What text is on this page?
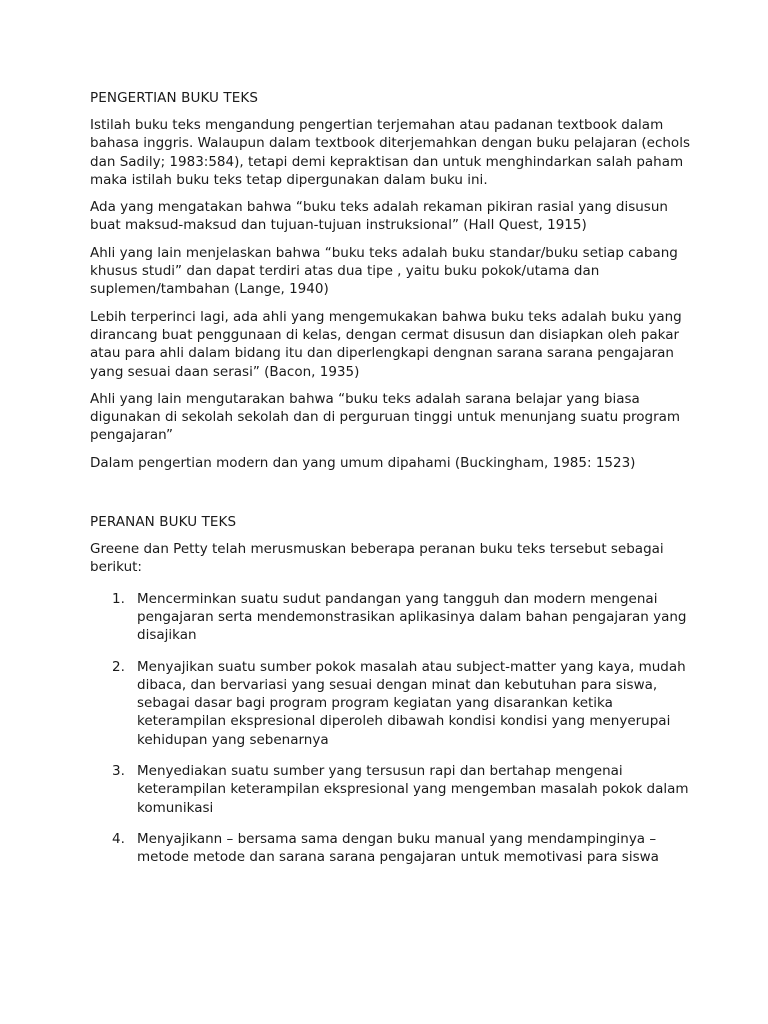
PENGERTIAN BUKU TEKS

Istilah buku teks mengandung pengertian terjemahan atau padanan textbook dalam bahasa inggris. Walaupun dalam textbook diterjemahkan dengan buku pelajaran (echols dan Sadily; 1983:584), tetapi demi kepraktisan dan untuk menghindarkan salah paham maka istilah buku teks tetap dipergunakan dalam buku ini.

Ada yang mengatakan bahwa “buku teks adalah rekaman pikiran rasial yang disusun buat maksud-maksud dan tujuan-tujuan instruksional” (Hall Quest, 1915)

Ahli yang lain menjelaskan bahwa “buku teks adalah buku standar/buku setiap cabang khusus studi” dan dapat terdiri atas dua tipe , yaitu buku pokok/utama dan suplemen/tambahan (Lange, 1940)

Lebih terperinci lagi, ada ahli yang mengemukakan bahwa buku teks adalah buku yang dirancang buat penggunaan di kelas, dengan cermat disusun dan disiapkan oleh pakar atau para ahli dalam bidang itu dan diperlengkapi dengnan sarana sarana pengajaran yang sesuai daan serasi” (Bacon, 1935)

Ahli yang lain mengutarakan bahwa “buku teks adalah sarana belajar yang biasa digunakan di sekolah sekolah dan di perguruan tinggi untuk menunjang suatu program pengajaran”

Dalam pengertian modern dan yang umum dipahami (Buckingham, 1985: 1523)

PERANAN BUKU TEKS

Greene dan Petty telah merusmuskan beberapa peranan buku teks tersebut sebagai berikut:

1. Mencerminkan suatu sudut pandangan yang tangguh dan modern mengenai pengajaran serta mendemonstrasikan aplikasinya dalam bahan pengajaran yang disajikan
2. Menyajikan suatu sumber pokok masalah atau subject-matter yang kaya, mudah dibaca, dan bervariasi yang sesuai dengan minat dan kebutuhan para siswa, sebagai dasar bagi program program kegiatan yang disarankan ketika keterampilan ekspresional diperoleh dibawah kondisi kondisi yang menyerupai kehidupan yang sebenarnya
3. Menyediakan suatu sumber yang tersusun rapi dan bertahap mengenai keterampilan keterampilan ekspresional yang mengemban masalah pokok dalam komunikasi
4. Menyajikann – bersama sama dengan buku manual yang mendampinginya – metode metode dan sarana sarana pengajaran untuk memotivasi para siswa
